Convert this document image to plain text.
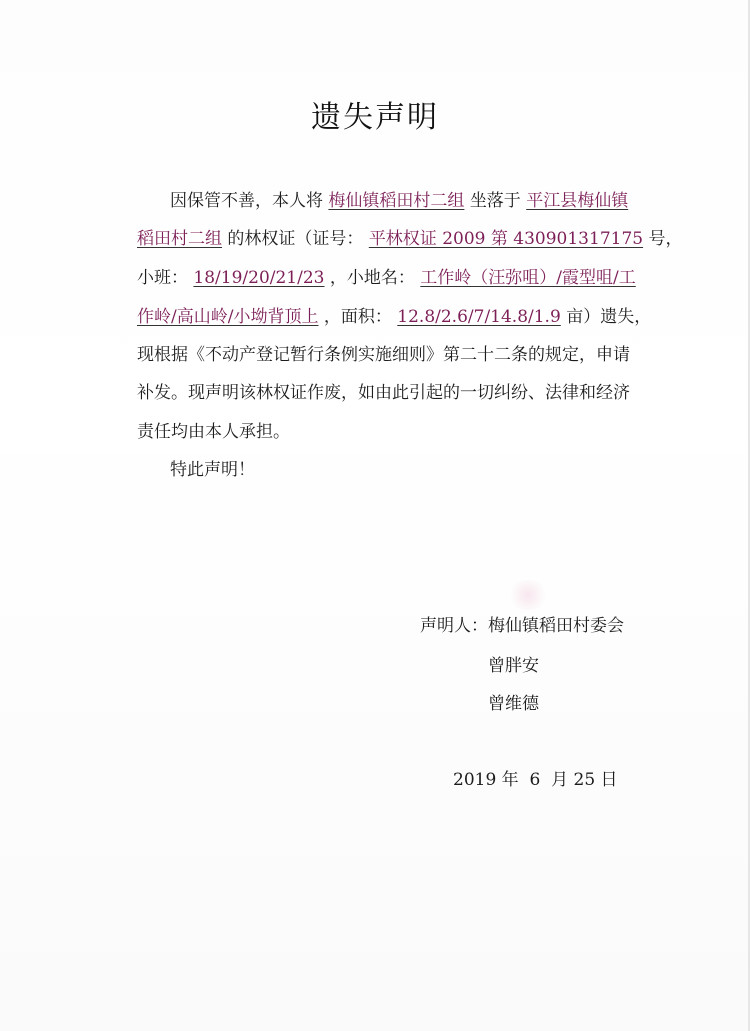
遗失声明
因保管不善，本人将 梅仙镇稻田村二组 坐落于 平江县梅仙镇
稻田村二组 的林权证（证号： 平林权证 2009 第 430901317175 号，
小班： 18/19/20/21/23 ，小地名： 工作岭（汪弥咀）/霞型咀/工
作岭/高山岭/小坳背顶上 ，面积： 12.8/2.6/7/14.8/1.9 亩）遗失，
现根据《不动产登记暂行条例实施细则》第二十二条的规定，申请
补发。现声明该林权证作废，如由此引起的一切纠纷、法律和经济
责任均由本人承担。
特此声明！
声明人： 梅仙镇稻田村委会
曾胖安
曾维德
2019 年  6  月 25 日
